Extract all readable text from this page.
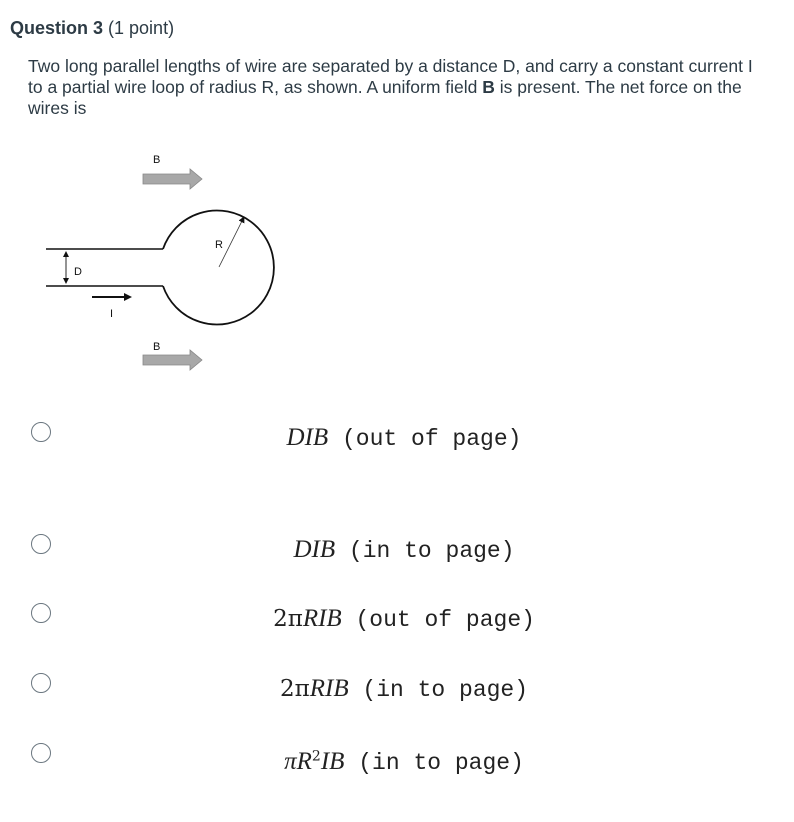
Question 3 (1 point)
Two long parallel lengths of wire are separated by a distance D, and carry a constant current I to a partial wire loop of radius R, as shown. A uniform field B is present. The net force on the wires is
B
R
D
I
B
DIB (out of page)
DIB (in to page)
2πRIB (out of page)
2πRIB (in to page)
$\pi R^2IB$ (in to page)
